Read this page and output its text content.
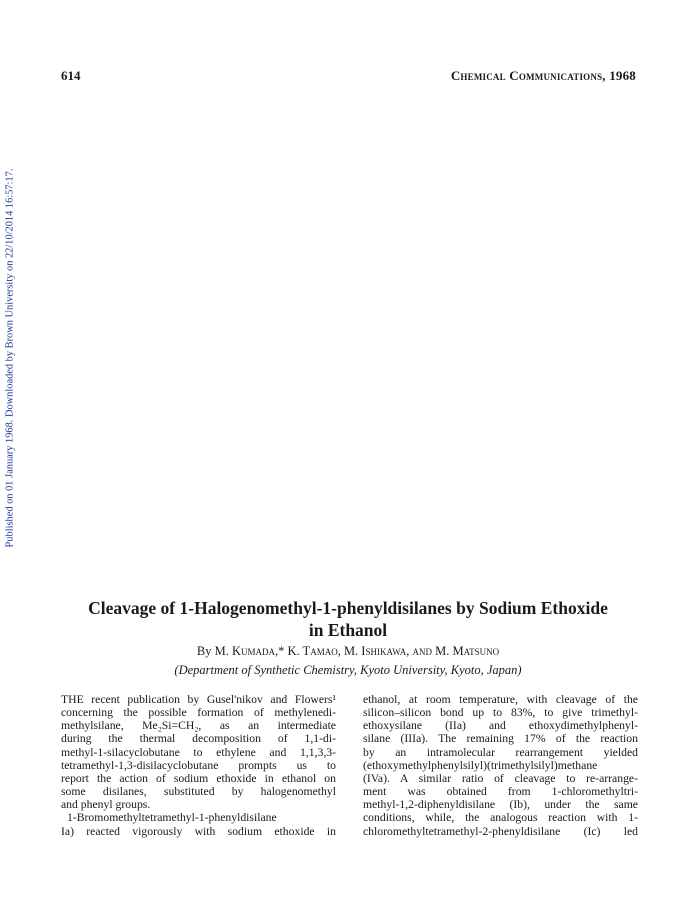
Published on 01 January 1968. Downloaded by Brown University on 22/10/2014 16:57:17.
614	Chemical Communications, 1968
Cleavage of 1-Halogenomethyl-1-phenyldisilanes by Sodium Ethoxide
in Ethanol
By M. Kumada,* K. Tamao, M. Ishikawa, and M. Matsuno
(Department of Synthetic Chemistry, Kyoto University, Kyoto, Japan)
THE recent publication by Gusel'nikov and Flowers¹
concerning the possible formation of methylenedi-
methylsilane, Me₂Si=CH₂, as an intermediate
during the thermal decomposition of 1,1-di-
methyl-1-silacyclobutane to ethylene and 1,1,3,3-
tetramethyl-1,3-disilacyclobutane prompts us to
report the action of sodium ethoxide in ethanol on
some disilanes, substituted by halogenomethyl
and phenyl groups.
1-Bromomethyltetramethyl-1-phenyldisilane
Ia) reacted vigorously with sodium ethoxide in
ethanol, at room temperature, with cleavage of the
silicon–silicon bond up to 83%, to give trimethyl-
ethoxysilane (IIa) and ethoxydimethylphenyl-
silane (IIIa). The remaining 17% of the reaction
by an intramolecular rearrangement yielded
(ethoxymethylphenylsilyl)(trimethylsilyl)methane
(IVa). A similar ratio of cleavage to re-arrange-
ment was obtained from 1-chloromethyltri-
methyl-1,2-diphenyldisilane (Ib), under the same
conditions, while, the analogous reaction with 1-
chloromethyltetramethyl-2-phenyldisilane (Ic) led
